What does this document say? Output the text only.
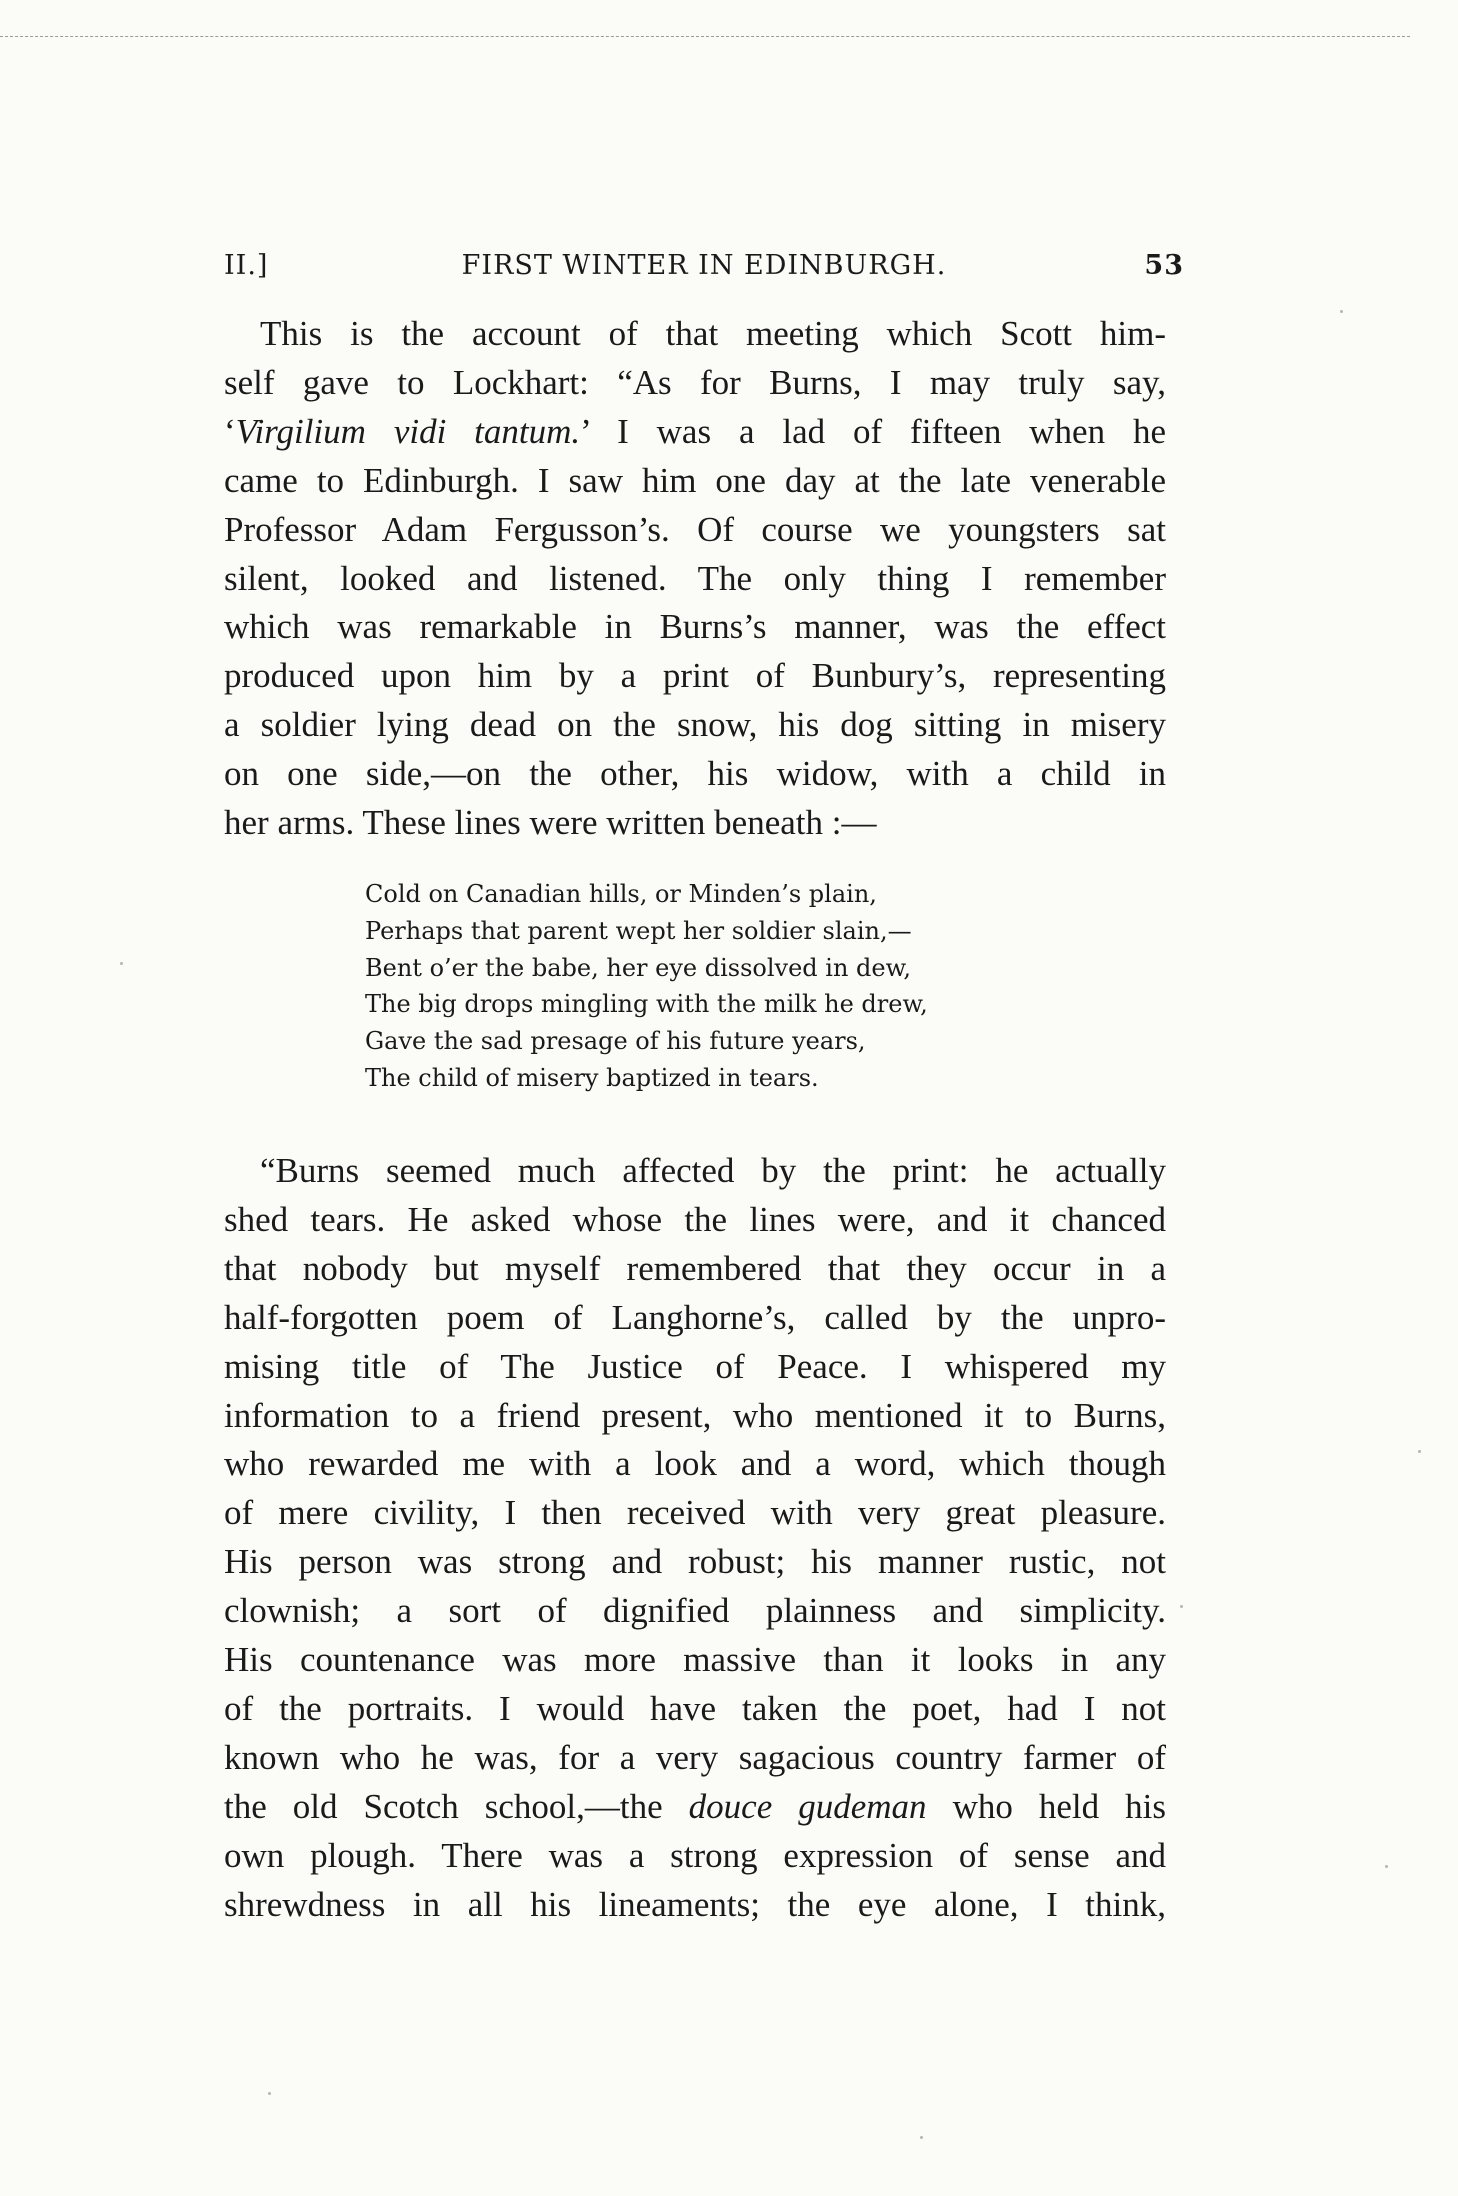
II.]	FIRST WINTER IN EDINBURGH.	53
This is the account of that meeting which Scott him-
self gave to Lockhart: “As for Burns, I may truly say,
‘Virgilium vidi tantum.’ I was a lad of fifteen when he
came to Edinburgh. I saw him one day at the late venerable
Professor Adam Fergusson’s. Of course we youngsters sat
silent, looked and listened. The only thing I remember
which was remarkable in Burns’s manner, was the effect
produced upon him by a print of Bunbury’s, representing
a soldier lying dead on the snow, his dog sitting in misery
on one side,—on the other, his widow, with a child in
her arms. These lines were written beneath :—
Cold on Canadian hills, or Minden’s plain,
Perhaps that parent wept her soldier slain,—
Bent o’er the babe, her eye dissolved in dew,
The big drops mingling with the milk he drew,
Gave the sad presage of his future years,
The child of misery baptized in tears.
“Burns seemed much affected by the print: he actually
shed tears. He asked whose the lines were, and it chanced
that nobody but myself remembered that they occur in a
half-forgotten poem of Langhorne’s, called by the unpro-
mising title of The Justice of Peace. I whispered my
information to a friend present, who mentioned it to Burns,
who rewarded me with a look and a word, which though
of mere civility, I then received with very great pleasure.
His person was strong and robust; his manner rustic, not
clownish; a sort of dignified plainness and simplicity.
His countenance was more massive than it looks in any
of the portraits. I would have taken the poet, had I not
known who he was, for a very sagacious country farmer of
the old Scotch school,—the douce gudeman who held his
own plough. There was a strong expression of sense and
shrewdness in all his lineaments; the eye alone, I think,
